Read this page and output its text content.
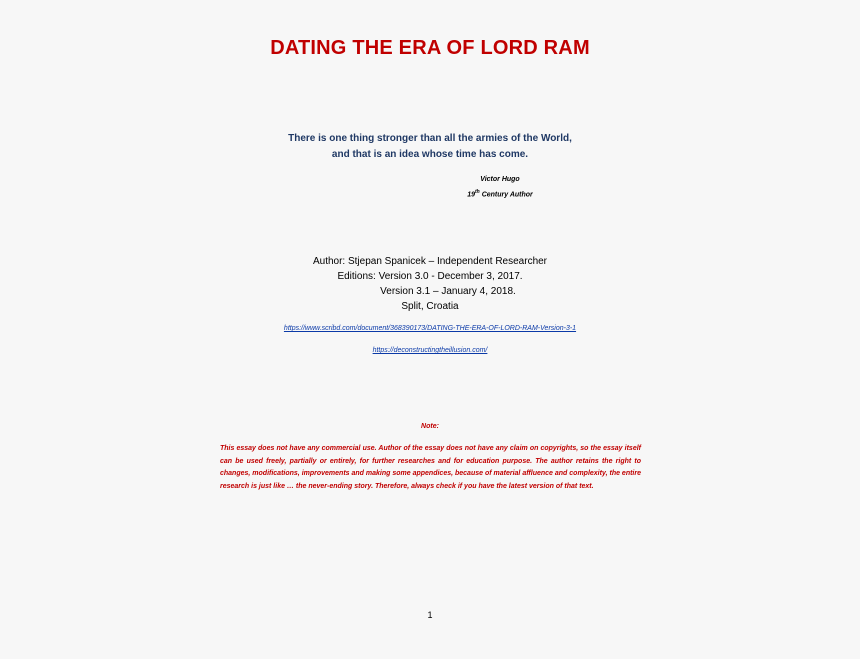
DATING THE ERA OF LORD RAM
There is one thing stronger than all the armies of the World,
and that is an idea whose time has come.
Victor Hugo
19th Century Author
Author: Stjepan Spanicek – Independent Researcher
Editions: Version 3.0 - December 3, 2017.
Version 3.1 – January 4, 2018.
Split, Croatia
https://www.scribd.com/document/368390173/DATING-THE-ERA-OF-LORD-RAM-Version-3-1
https://deconstructingtheillusion.com/
Note:
This essay does not have any commercial use. Author of the essay does not have any claim on copyrights, so the essay itself can be used freely, partially or entirely, for further researches and for education purpose. The author retains the right to changes, modifications, improvements and making some appendices, because of material affluence and complexity, the entire research is just like … the never-ending story. Therefore, always check if you have the latest version of that text.
1
